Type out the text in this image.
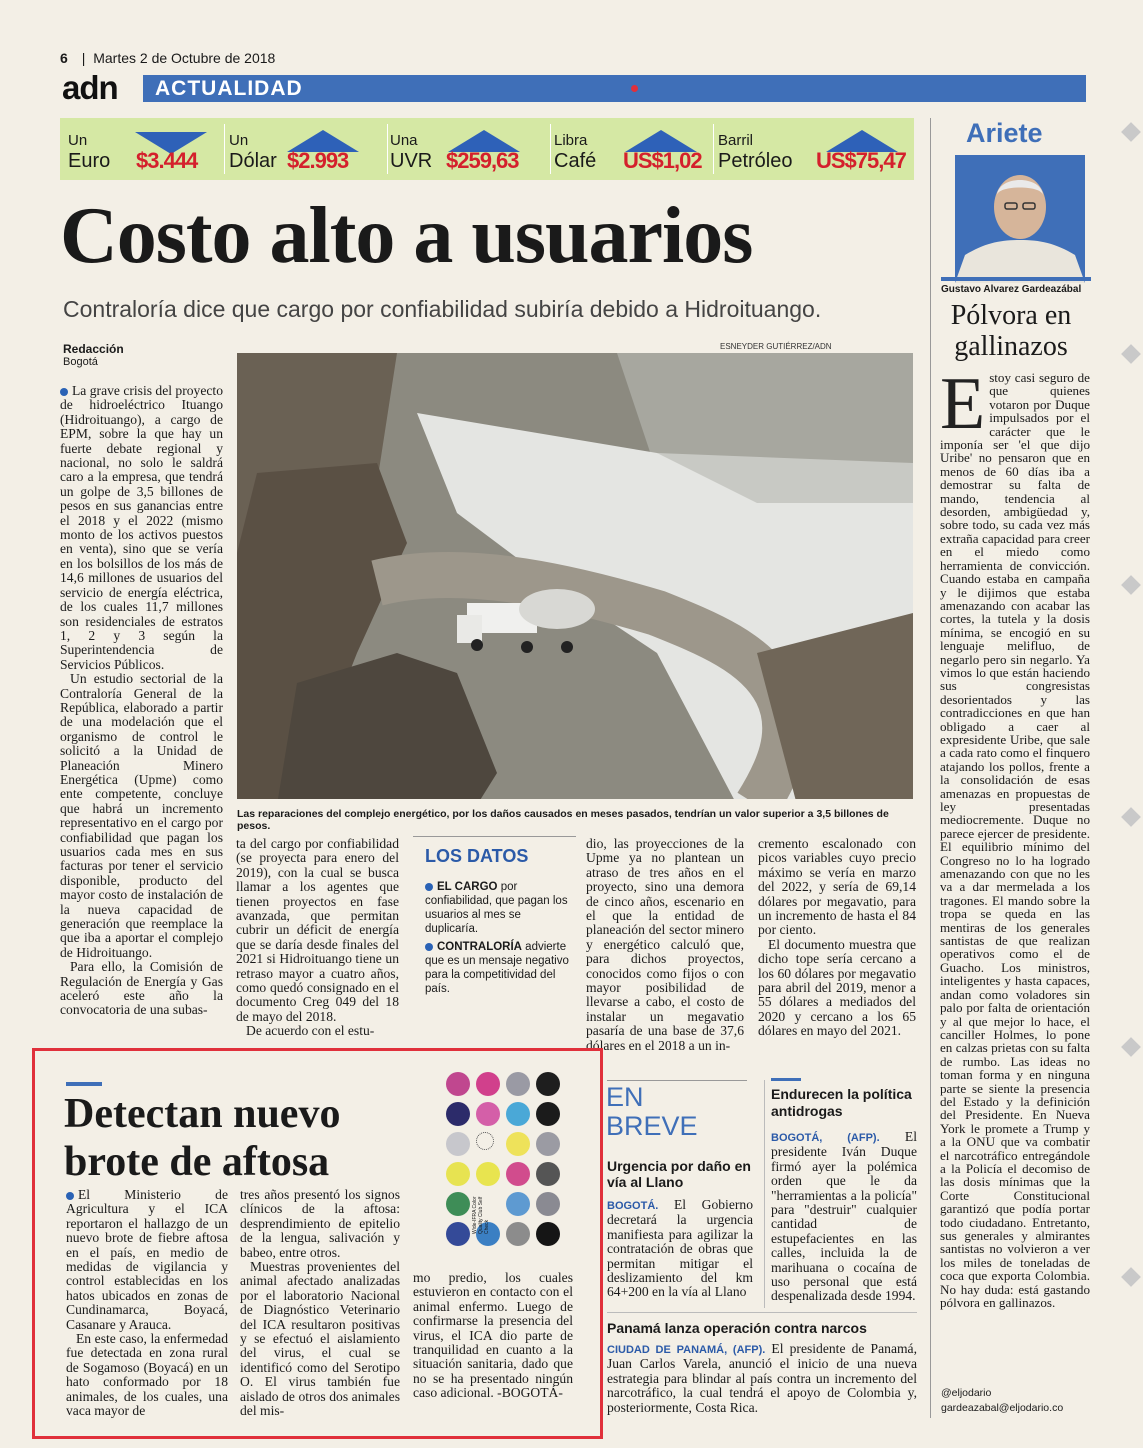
6 | Martes 2 de Octubre de 2018
adn ACTUALIDAD
Un
Euro $3.444
Un
Dólar $2.993
Una
UVR $259,63
Libra
Café US$1,02
Barril
Petróleo US$75,47
Costo alto a usuarios
Contraloría dice que cargo por confiabilidad subiría debido a Hidroituango.
Redacción
Bogotá
ESNEYDER GUTIÉRREZ/ADN
Las reparaciones del complejo energético, por los daños causados en meses pasados, tendrían un valor superior a 3,5 billones de pesos.

La grave crisis del proyecto de hidroeléctrico Ituango (Hidroituango), a cargo de EPM, sobre la que hay un fuerte debate regional y nacional, no solo le saldrá caro a la empresa, que tendrá un golpe de 3,5 billones de pesos en sus ganancias entre el 2018 y el 2022 (mismo monto de los activos puestos en venta), sino que se vería en los bolsillos de los más de 14,6 millones de usuarios del servicio de energía eléctrica, de los cuales 11,7 millones son residenciales de estratos 1, 2 y 3 según la Superintendencia de Servicios Públicos.

Un estudio sectorial de la Contraloría General de la República, elaborado a partir de una modelación que el organismo de control le solicitó a la Unidad de Planeación Minero Energética (Upme) como ente competente, concluye que habrá un incremento representativo en el cargo por confiabilidad que pagan los usuarios cada mes en sus facturas por tener el servicio disponible, producto del mayor costo de instalación de la nueva capacidad de generación que reemplace la que iba a aportar el complejo de Hidroituango.

Para ello, la Comisión de Regulación de Energía y Gas aceleró este año la convocatoria de una subas-

ta del cargo por confiabilidad (se proyecta para enero del 2019), con la cual se busca llamar a los agentes que tienen proyectos en fase avanzada, que permitan cubrir un déficit de energía que se daría desde finales del 2021 si Hidroituango tiene un retraso mayor a cuatro años, como quedó consignado en el documento Creg 049 del 18 de mayo del 2018.

De acuerdo con el estu-

LOS DATOS
EL CARGO por confiabilidad, que pagan los usuarios al mes se duplicaría.
CONTRALORÍA advierte que es un mensaje negativo para la competitividad del país.

dio, las proyecciones de la Upme ya no plantean un atraso de tres años en el proyecto, sino una demora de cinco años, escenario en el que la entidad de planeación del sector minero y energético calculó que, para dichos proyectos, conocidos como fijos o con mayor posibilidad de llevarse a cabo, el costo de instalar un megavatio pasaría de una base de 37,6 dólares en el 2018 a un in-

cremento escalonado con picos variables cuyo precio máximo se vería en marzo del 2022, y sería de 69,14 dólares por megavatio, para un incremento de hasta el 84 por ciento.

El documento muestra que dicho tope sería cercano a los 60 dólares por megavatio para abril del 2019, menor a 55 dólares a mediados del 2020 y cercano a los 65 dólares en mayo del 2021.

Detectan nuevo brote de aftosa
Wide-IFRA Color Quality Club Self Check

El Ministerio de Agricultura y el ICA reportaron el hallazgo de un nuevo brote de fiebre aftosa en el país, en medio de medidas de vigilancia y control establecidas en los hatos ubicados en zonas de Cundinamarca, Boyacá, Casanare y Arauca.

En este caso, la enfermedad fue detectada en zona rural de Sogamoso (Boyacá) en un hato conformado por 18 animales, de los cuales, una vaca mayor de

tres años presentó los signos clínicos de la aftosa: desprendimiento de epitelio de la lengua, salivación y babeo, entre otros.

Muestras provenientes del animal afectado analizadas por el laboratorio Nacional de Diagnóstico Veterinario del ICA resultaron positivas y se efectuó el aislamiento del virus, el cual se identificó como del Serotipo O. El virus también fue aislado de otros dos animales del mis-

mo predio, los cuales estuvieron en contacto con el animal enfermo. Luego de confirmarse la presencia del virus, el ICA dio parte de tranquilidad en cuanto a la situación sanitaria, dado que no se ha presentado ningún caso adicional. -BOGOTÁ-

EN
BREVE
Urgencia por daño en vía al Llano
BOGOTÁ. El Gobierno decretará la urgencia manifiesta para agilizar la contratación de obras que permitan mitigar el deslizamiento del km 64+200 en la vía al Llano
Endurecen la política antidrogas
BOGOTÁ, (AFP). El presidente Iván Duque firmó ayer la polémica orden que le da "herramientas a la policía" para "destruir" cualquier cantidad de estupefacientes en las calles, incluida la de marihuana o cocaína de uso personal que está despenalizada desde 1994.
Panamá lanza operación contra narcos
CIUDAD DE PANAMÁ, (AFP). El presidente de Panamá, Juan Carlos Varela, anunció el inicio de una nueva estrategia para blindar al país contra un incremento del narcotráfico, la cual tendrá el apoyo de Colombia y, posteriormente, Costa Rica.
Ariete
Gustavo Alvarez Gardeazábal
Pólvora en gallinazos
Estoy casi seguro de que quienes votaron por Duque impulsados por el carácter que le imponía ser 'el que dijo Uribe' no pensaron que en menos de 60 días iba a demostrar su falta de mando, tendencia al desorden, ambigüedad y, sobre todo, su cada vez más extraña capacidad para creer en el miedo como herramienta de convicción. Cuando estaba en campaña y le dijimos que estaba amenazando con acabar las cortes, la tutela y la dosis mínima, se encogió en su lenguaje melifluo, de negarlo pero sin negarlo. Ya vimos lo que están haciendo sus congresistas desorientados y las contradicciones en que han obligado a caer al expresidente Uribe, que sale a cada rato como el finquero atajando los pollos, frente a la consolidación de esas amenazas en propuestas de ley presentadas mediocremente. Duque no parece ejercer de presidente. El equilibrio mínimo del Congreso no lo ha logrado amenazando con que no les va a dar mermelada a los tragones. El mando sobre la tropa se queda en las mentiras de los generales santistas de que realizan operativos como el de Guacho. Los ministros, inteligentes y hasta capaces, andan como voladores sin palo por falta de orientación y al que mejor lo hace, el canciller Holmes, lo pone en calzas prietas con su falta de rumbo. Las ideas no toman forma y en ninguna parte se siente la presencia del Estado y la definición del Presidente. En Nueva York le promete a Trump y a la ONU que va combatir el narcotráfico entregándole a la Policía el decomiso de las dosis mínimas que la Corte Constitucional garantizó que podía portar todo ciudadano. Entretanto, sus generales y almirantes santistas no volvieron a ver los miles de toneladas de coca que exporta Colombia. No hay duda: está gastando pólvora en gallinazos.
@eljodario
gardeazabal@eljodario.co
